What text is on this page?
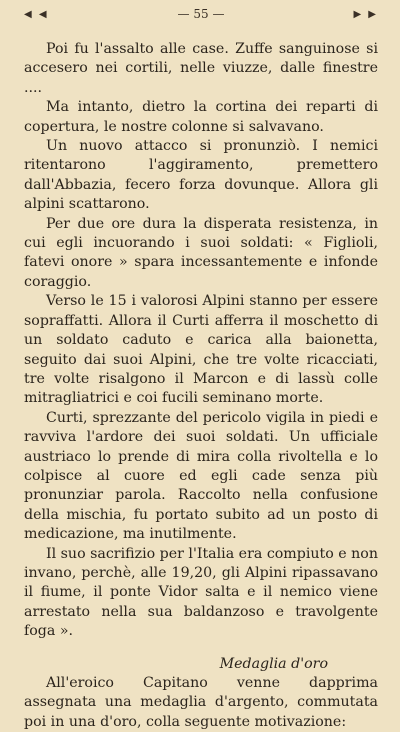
◀ ◀	— 55 —	▶ ▶

Poi fu l'assalto alle case. Zuffe sanguinose si accesero nei cortili, nelle viuzze, dalle finestre ....

Ma intanto, dietro la cortina dei reparti di copertura, le nostre colonne si salvavano.

Un nuovo attacco si pronunziò. I nemici ritentarono l'aggiramento, premettero dall'Abbazia, fecero forza dovunque. Allora gli alpini scattarono.

Per due ore dura la disperata resistenza, in cui egli incuorando i suoi soldati: « Figlioli, fatevi onore » spara incessantemente e infonde coraggio.

Verso le 15 i valorosi Alpini stanno per essere sopraffatti. Allora il Curti afferra il moschetto di un soldato caduto e carica alla baionetta, seguito dai suoi Alpini, che tre volte ricacciati, tre volte risalgono il Marcon e di lassù colle mitragliatrici e coi fucili seminano morte.

Curti, sprezzante del pericolo vigila in piedi e ravviva l'ardore dei suoi soldati. Un ufficiale austriaco lo prende di mira colla rivoltella e lo colpisce al cuore ed egli cade senza più pronunziar parola. Raccolto nella confusione della mischia, fu portato subito ad un posto di medicazione, ma inutilmente.

Il suo sacrifizio per l'Italia era compiuto e non invano, perchè, alle 19,20, gli Alpini ripassavano il fiume, il ponte Vidor salta e il nemico viene arrestato nella sua baldanzoso e travolgente foga ».

Medaglia d'oro

All'eroico Capitano venne dapprima assegnata una medaglia d'argento, commutata poi in una d'oro, colla seguente motivazione:
